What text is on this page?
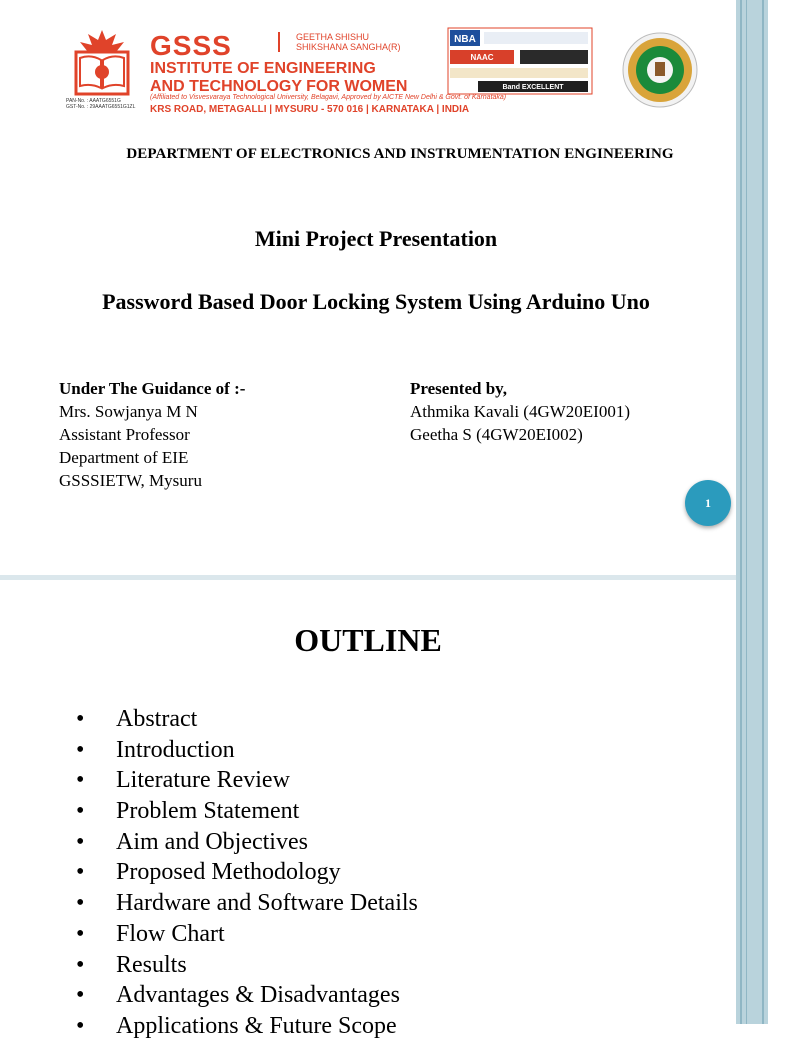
PAN-No. : AAATG6551G
GST-No. : 29AAATG6551G1ZL
GSSS	GEETHA SHISHU
SHIKSHANA SANGHA(R)
INSTITUTE OF ENGINEERING
AND TECHNOLOGY FOR WOMEN
(Affiliated to Visvesvaraya Technological University, Belagavi, Approved by AICTE New Delhi & Govt. of Karnataka)
KRS ROAD, METAGALLI | MYSURU - 570 016 | KARNATAKA | INDIA
NBA
NAAC
Band EXCELLENT
DEPARTMENT OF ELECTRONICS AND INSTRUMENTATION ENGINEERING
Mini Project Presentation
Password Based Door Locking System Using Arduino Uno
Under The Guidance of :-
Mrs. Sowjanya M N
Assistant Professor
Department of EIE
GSSSIETW, Mysuru
Presented by,
Athmika Kavali (4GW20EI001)
Geetha S (4GW20EI002)
1
OUTLINE
• Abstract
• Introduction
• Literature Review
• Problem Statement
• Aim and Objectives
• Proposed Methodology
• Hardware and Software Details
• Flow Chart
• Results
• Advantages & Disadvantages
• Applications & Future Scope
